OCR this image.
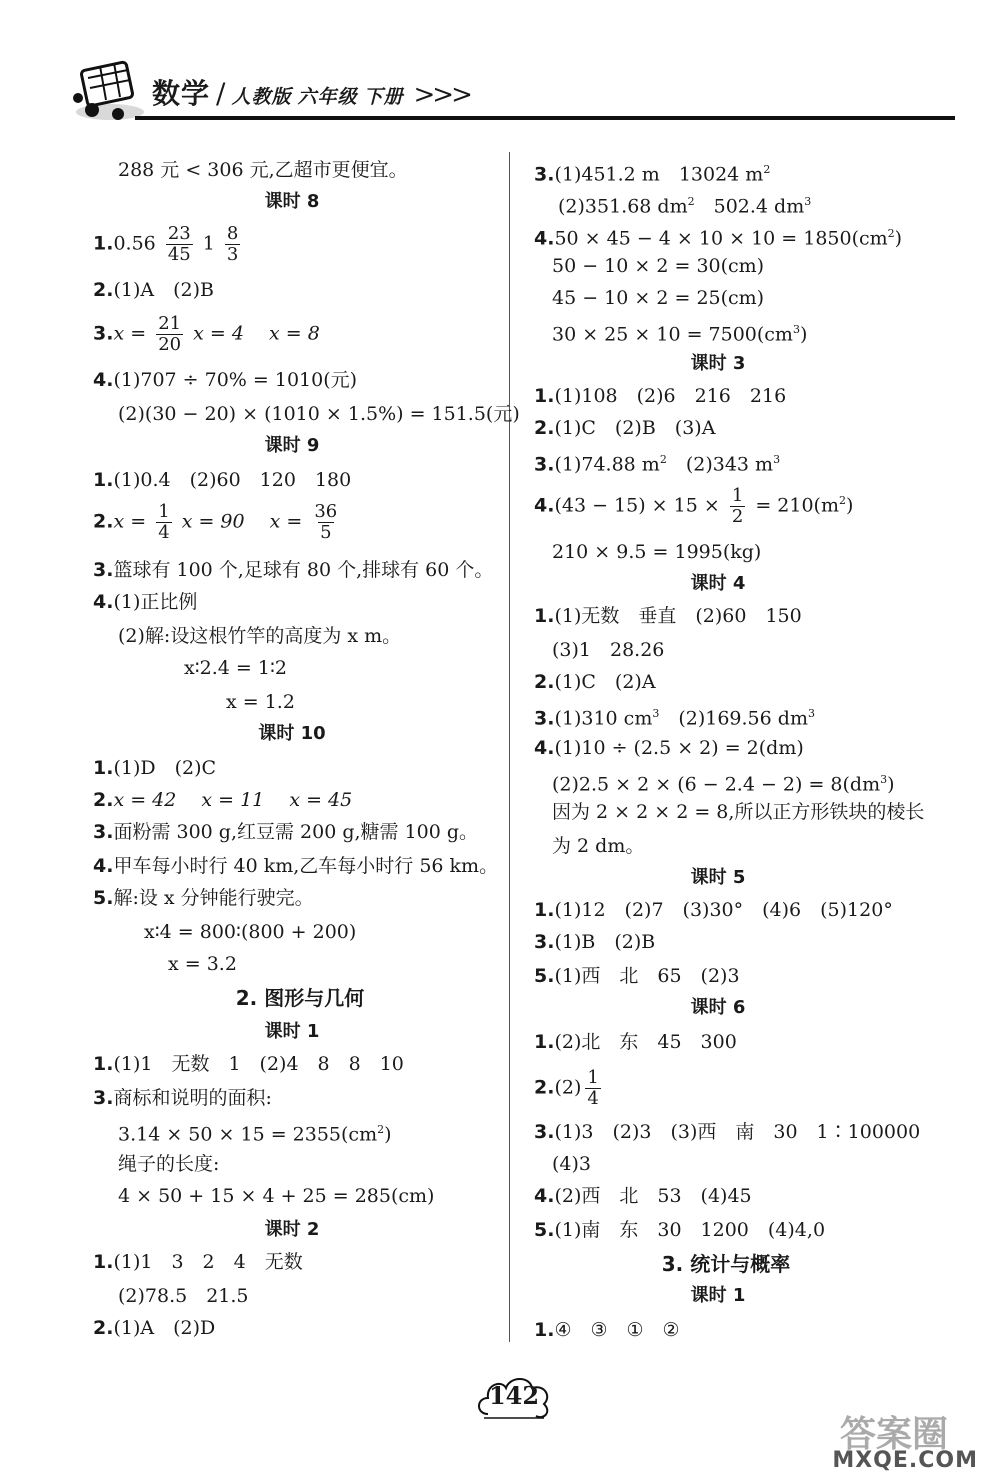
数学 / 人教版 六年级 下册 >>>
288 元 < 306 元,乙超市更便宜。
课时 8
$1.0.56 \frac{23}{45} 1 \frac{8}{3}$
2.(1)A　(2)B
$3.x = \frac{21}{20}$ x = 4　 x = 8
4.(1)707 ÷ 70% = 1010(元)
(2)(30 − 20) × (1010 × 1.5%) = 151.5(元)
课时 9
1.(1)0.4　(2)60　120　180
$2.x = \frac{1}{4}$ x = 90　 $x = \frac{36}{5}$
3.篮球有 100 个,足球有 80 个,排球有 60 个。
4.(1)正比例
(2)解:设这根竹竿的高度为 x m。
x∶2.4 = 1∶2
x = 1.2
课时 10
1.(1)D　(2)C
2.x = 42　 x = 11　 x = 45
3.面粉需 300 g,红豆需 200 g,糖需 100 g。
4.甲车每小时行 40 km,乙车每小时行 56 km。
5.解:设 x 分钟能行驶完。
x∶4 = 800∶(800 + 200)
x = 3.2
2. 图形与几何
课时 1
1.(1)1　无数　1　(2)4　8　8　10
3.商标和说明的面积:
$3.14 \times 50 \times 15 = 2355(cm^2)$
绳子的长度:
4 × 50 + 15 × 4 + 25 = 285(cm)
课时 2
1.(1)1　3　2　4　无数
(2)78.5　21.5
2.(1)A　(2)D
3.(1)451.2 m　13024 $m^2$
(2)351.68 $dm^2$　502.4 $dm^3$
$4.50 \times 45 - 4 \times 10 \times 10 = 1850(cm^2)$
50 − 10 × 2 = 30(cm)
45 − 10 × 2 = 25(cm)
$30 \times 25 \times 10 = 7500(cm^3)$
课时 3
1.(1)108　(2)6　216　216
2.(1)C　(2)B　(3)A
3.(1)74.88 $m^2$　(2)343 $m^3$
$4.(43 - 15) \times 15 \times \frac{1}{2} = 210(m^2)$
210 × 9.5 = 1995(kg)
课时 4
1.(1)无数　垂直　(2)60　150
(3)1　28.26
2.(1)C　(2)A
3.(1)310 $cm^3$　(2)169.56 $dm^3$
4.(1)10 ÷ (2.5 × 2) = 2(dm)
$(2)2.5 \times 2 \times (6 - 2.4 - 2) = 8(dm^3)$
因为 2 × 2 × 2 = 8,所以正方形铁块的棱长
为 2 dm。
课时 5
1.(1)12　(2)7　(3)30°　(4)6　(5)120°
3.(1)B　(2)B
5.(1)西　北　65　(2)3
课时 6
1.(2)北　东　45　300
$2.(2) \frac{1}{4}$
3.(1)3　(2)3　(3)西　南　30　1∶100000
(4)3
4.(2)西　北　53　(4)45
5.(1)南　东　30　1200　(4)4,0
3. 统计与概率
课时 1
1.④　③　①　②
142
答案圈
MXQE.COM
